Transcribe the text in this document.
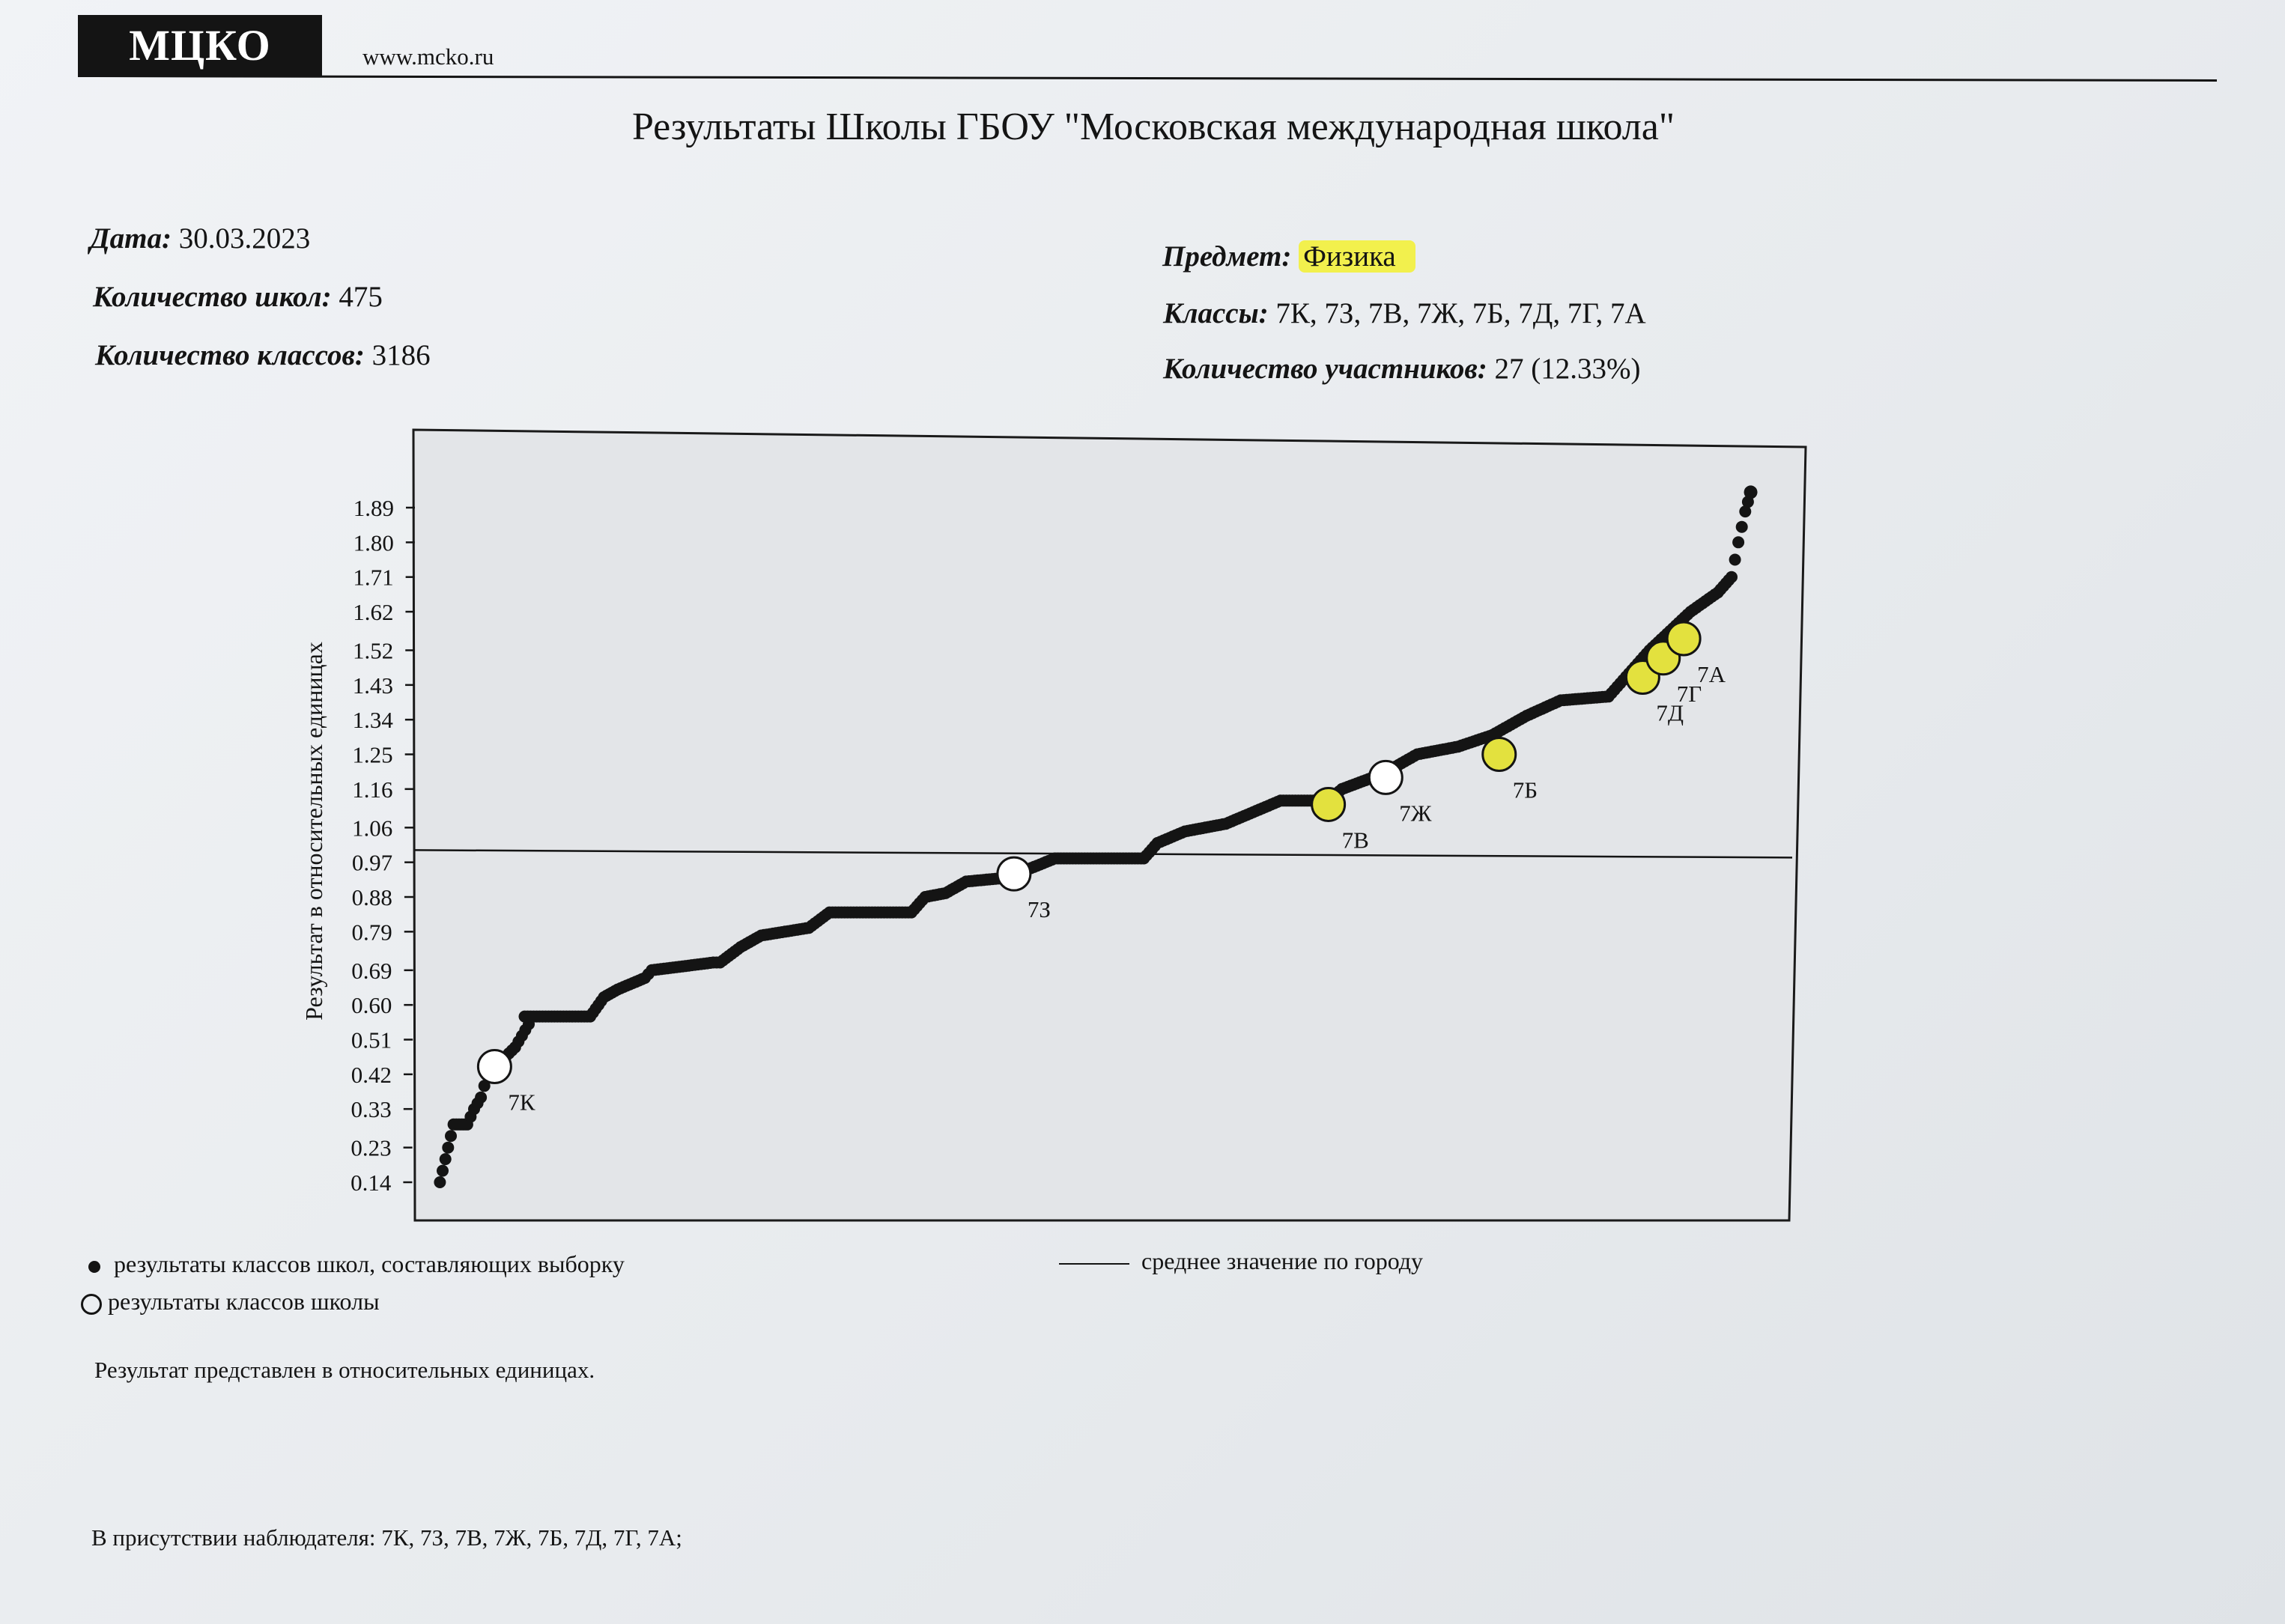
МЦКО	www.mcko.ru
Результаты Школы ГБОУ "Московская международная школа"
Дата: 30.03.2023
Количество школ: 475
Количество классов: 3186
Предмет: Физика
Классы: 7К, 7З, 7В, 7Ж, 7Б, 7Д, 7Г, 7А
Количество участников: 27 (12.33%)
0.14
0.23
0.33
0.42
0.51
0.60
0.69
0.79
0.88
0.97
1.06
1.16
1.25
1.34
1.43
1.52
1.62
1.71
1.80
1.89
Результат в относительных единицах
7К
7З
7В
7Ж
7Б
7Д
7Г
7А
результаты классов школ, составляющих выборку
результаты классов школы
среднее значение по городу
Результат представлен в относительных единицах.
В присутствии наблюдателя: 7К, 7З, 7В, 7Ж, 7Б, 7Д, 7Г, 7А;
